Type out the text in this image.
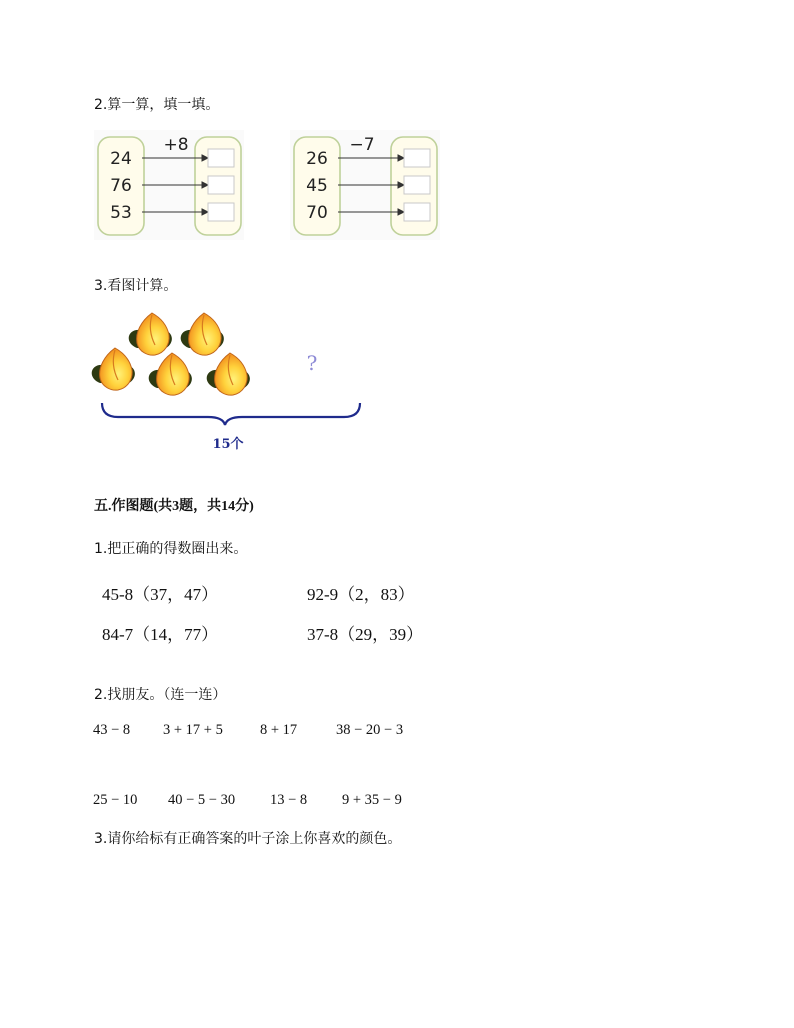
2.算一算，填一填。
+8
24
76
53
−7
26
45
70
3.看图计算。
?
15个
五.作图题(共3题，共14分)
1.把正确的得数圈出来。
45-8（37，47）	92-9（2，83）
84-7（14，77）	37-8（29，39）
2.找朋友。（连一连）
43 − 8 3 + 17 + 5	8 + 17	38 − 20 − 3
25 − 10 40 − 5 − 30 13 − 8 9 + 35 − 9
3.请你给标有正确答案的叶子涂上你喜欢的颜色。
